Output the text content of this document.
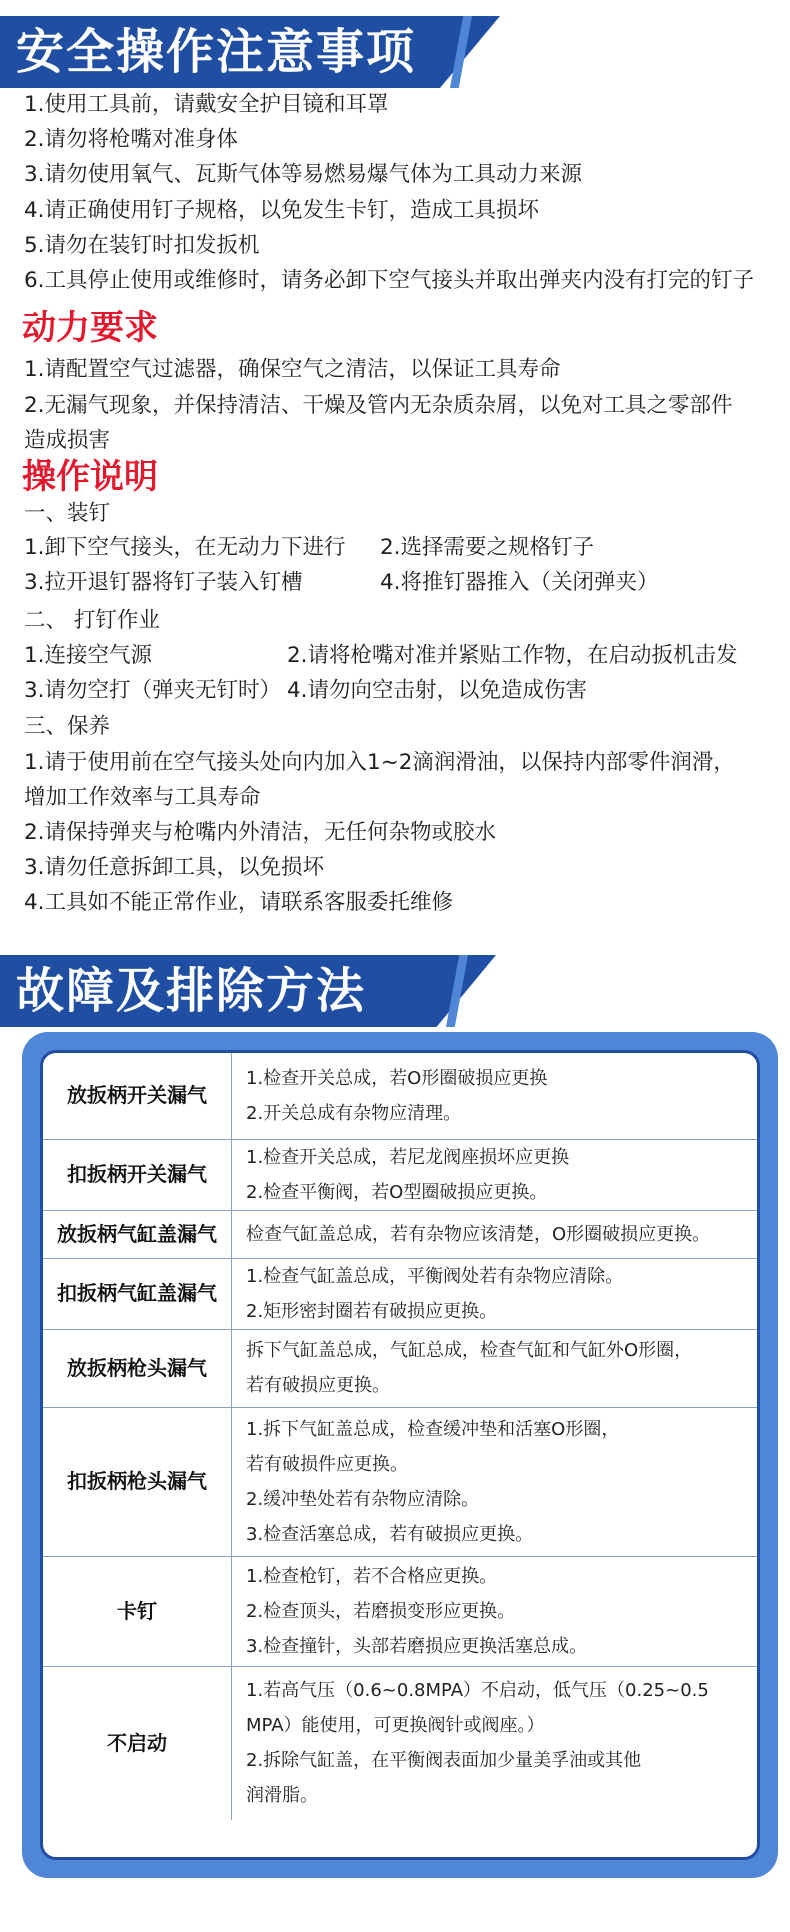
安全操作注意事项
1.使用工具前，请戴安全护目镜和耳罩
2.请勿将枪嘴对准身体
3.请勿使用氧气、瓦斯气体等易燃易爆气体为工具动力来源
4.请正确使用钉子规格，以免发生卡钉，造成工具损坏
5.请勿在装钉时扣发扳机
6.工具停止使用或维修时，请务必卸下空气接头并取出弹夹内没有打完的钉子
动力要求
1.请配置空气过滤器，确保空气之清洁，以保证工具寿命
2.无漏气现象，并保持清洁、干燥及管内无杂质杂屑，以免对工具之零部件
造成损害
操作说明
一、装钉
1.卸下空气接头，在无动力下进行 2.选择需要之规格钉子
3.拉开退钉器将钉子装入钉槽	4.将推钉器推入（关闭弹夹）
二、 打钉作业
1.连接空气源	2.请将枪嘴对准并紧贴工作物，在启动扳机击发
3.请勿空打（弹夹无钉时） 4.请勿向空击射，以免造成伤害
三、保养
1.请于使用前在空气接头处向内加入1~2滴润滑油，以保持内部零件润滑，
增加工作效率与工具寿命
2.请保持弹夹与枪嘴内外清洁，无任何杂物或胶水
3.请勿任意拆卸工具，以免损坏
4.工具如不能正常作业，请联系客服委托维修
故障及排除方法
放扳柄开关漏气	1.检查开关总成，若O形圈破损应更换
2.开关总成有杂物应清理。

扣扳柄开关漏气	1.检查开关总成，若尼龙阀座损坏应更换
2.检查平衡阀，若O型圈破损应更换。

放扳柄气缸盖漏气	检查气缸盖总成，若有杂物应该清楚，O形圈破损应更换。

扣扳柄气缸盖漏气	1.检查气缸盖总成，平衡阀处若有杂物应清除。
2.矩形密封圈若有破损应更换。

放扳柄枪头漏气	拆下气缸盖总成，气缸总成，检查气缸和气缸外O形圈，
若有破损应更换。

扣扳柄枪头漏气	1.拆下气缸盖总成，检查缓冲垫和活塞O形圈，
若有破损件应更换。
2.缓冲垫处若有杂物应清除。
3.检查活塞总成，若有破损应更换。

卡钉	1.检查枪钉，若不合格应更换。
2.检查顶头，若磨损变形应更换。
3.检查撞针，头部若磨损应更换活塞总成。

不启动	1.若高气压（0.6~0.8MPA）不启动，低气压（0.25~0.5
MPA）能使用，可更换阀针或阀座。）
2.拆除气缸盖，在平衡阀表面加少量美孚油或其他
润滑脂。
